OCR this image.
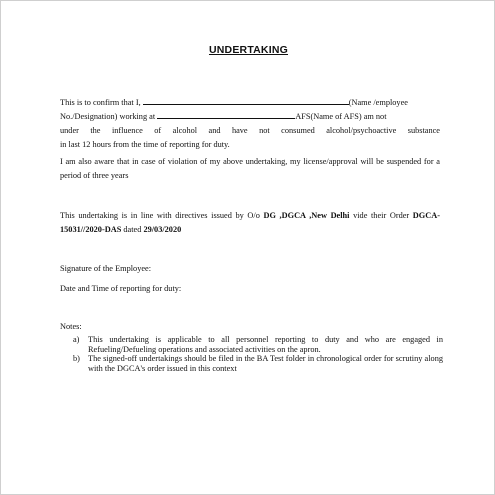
UNDERTAKING
This is to confirm that I,	(Name /employee
No./Designation) working at	AFS(Name of AFS) am not
under the influence of alcohol and have not consumed alcohol/psychoactive substance
in last 12 hours from the time of reporting for duty.
I am also aware that in case of violation of my above undertaking, my license/approval will be suspended for a period of three years
This undertaking is in line with directives issued by O/o DG ,DGCA ,New Delhi vide their Order DGCA-15031//2020-DAS dated 29/03/2020
Signature of the Employee:
Date and Time of reporting for duty:
Notes:
a)	This undertaking is applicable to all personnel reporting to duty and who are engaged in Refueling/Defueling operations and associated activities on the apron.
b) The signed-off undertakings should be filed in the BA Test folder in chronological order for scrutiny along with the DGCA's order issued in this context
